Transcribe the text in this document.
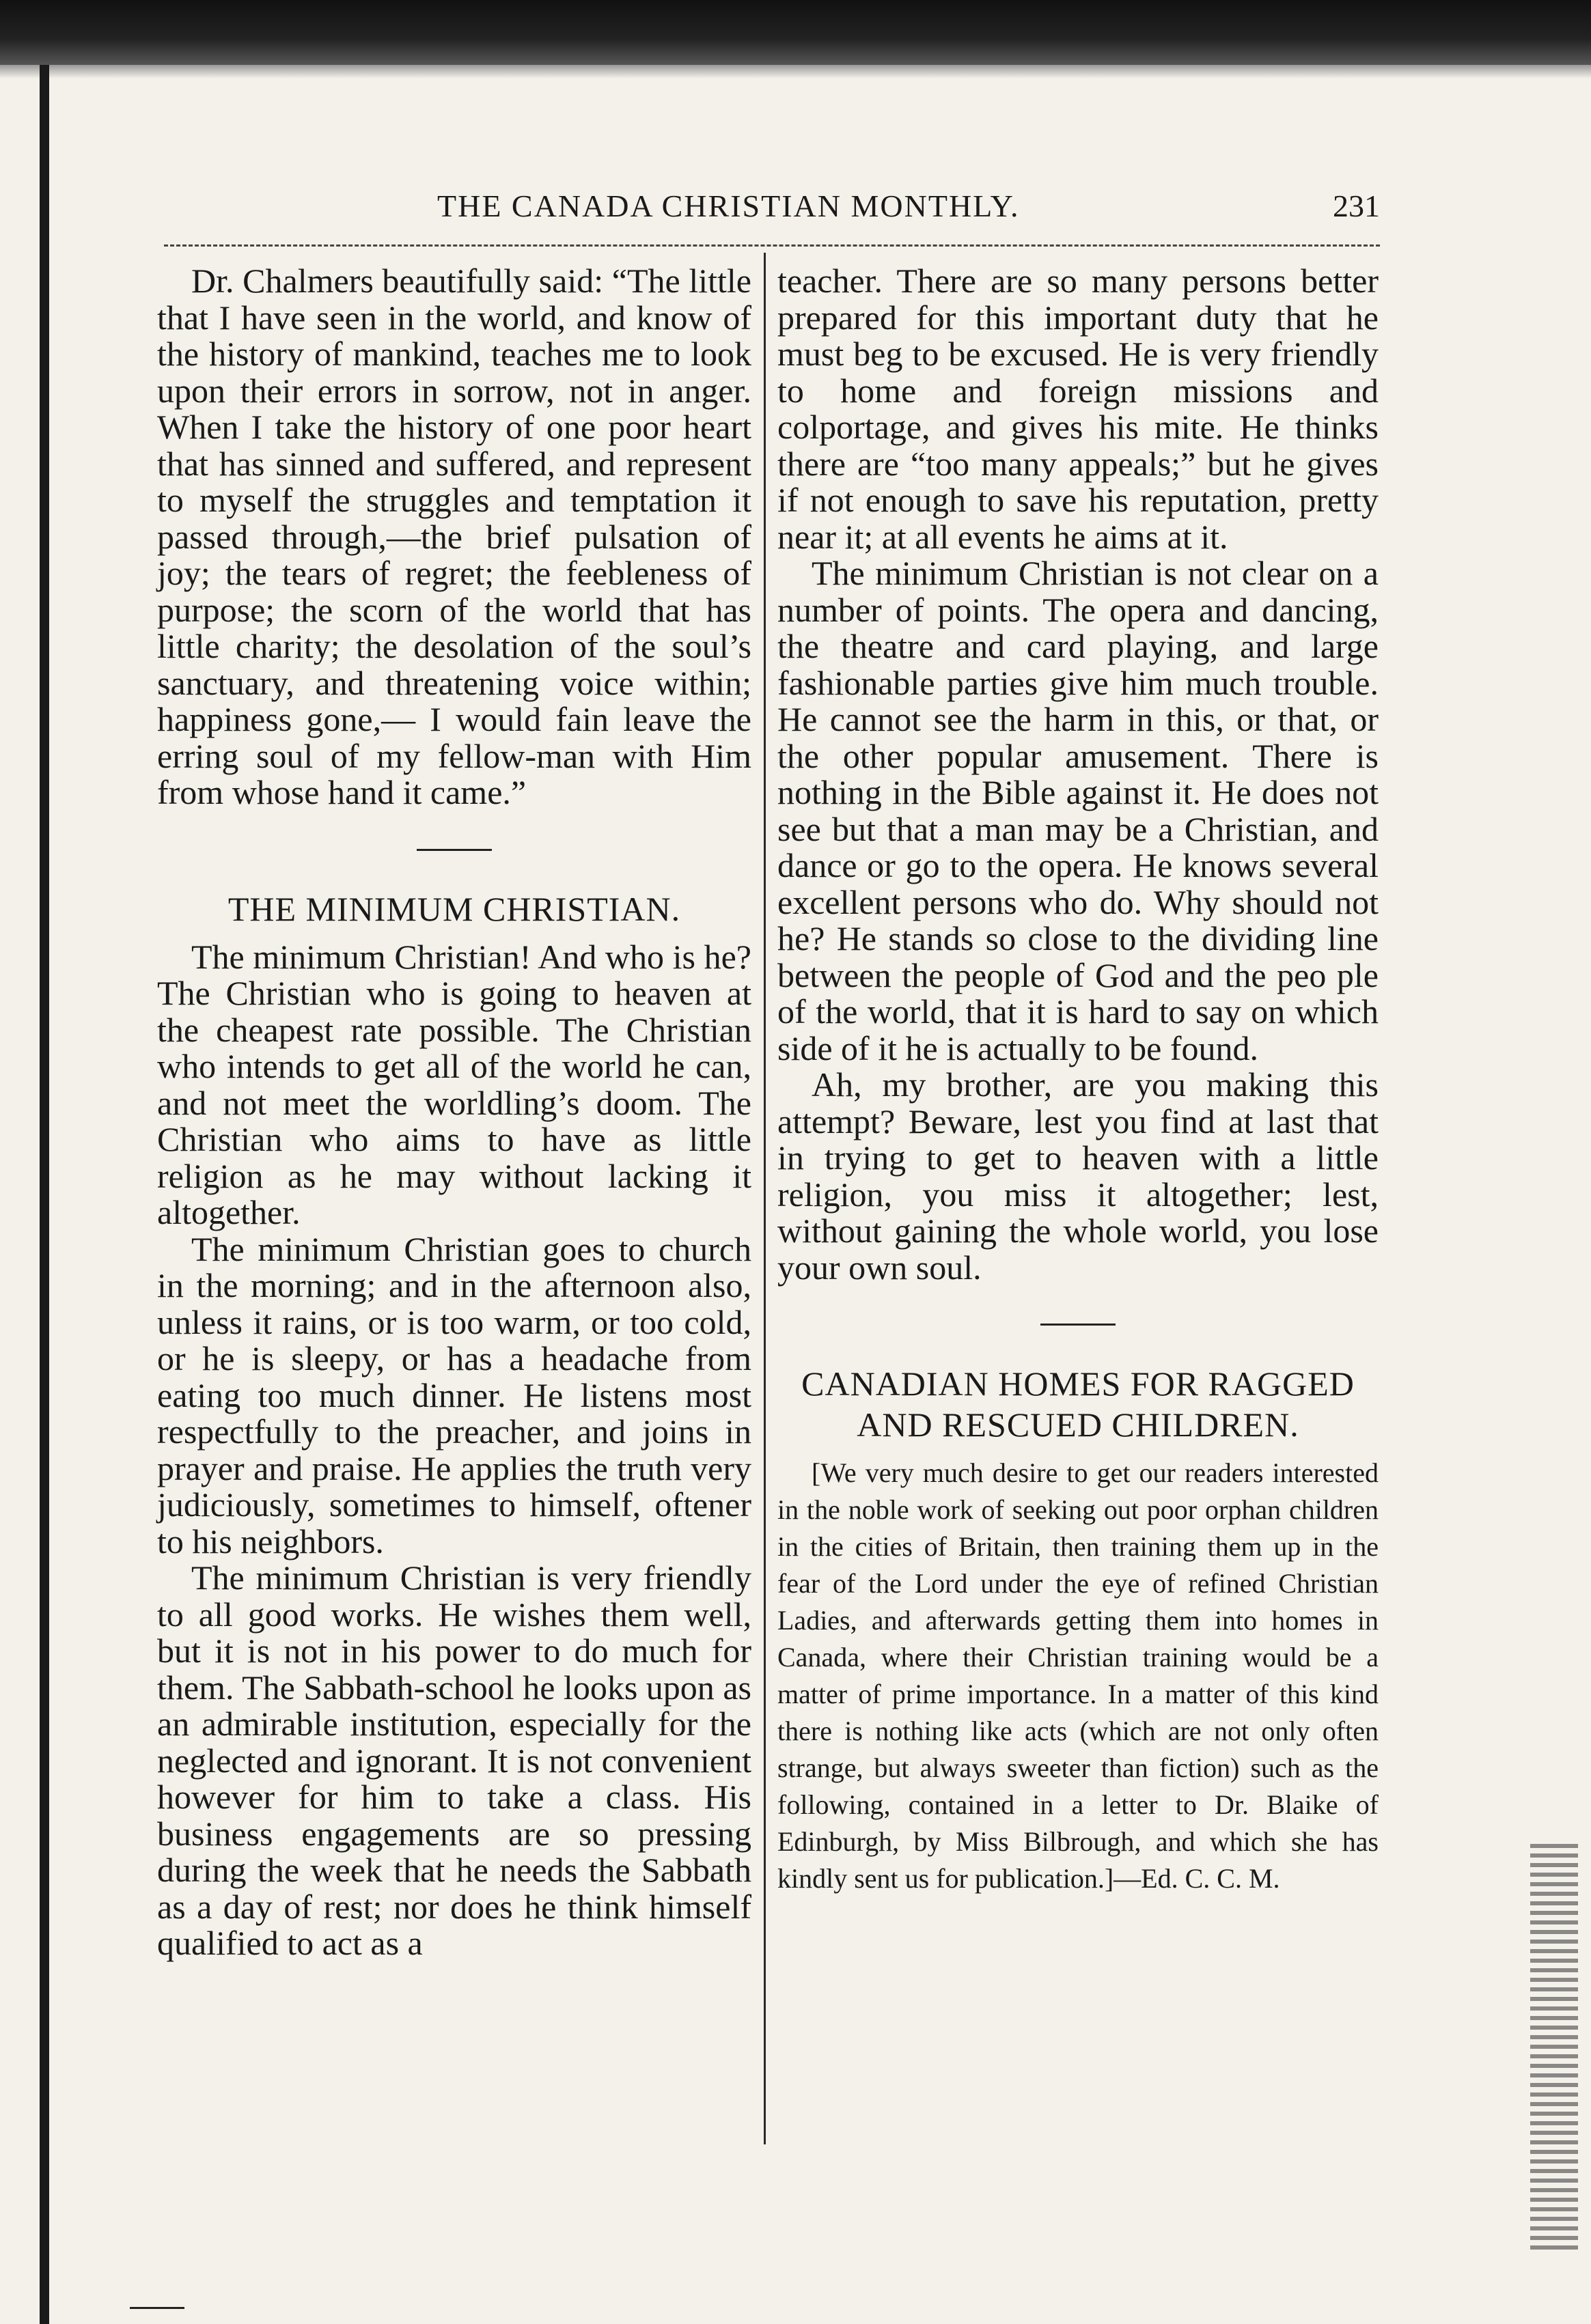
THE CANADA CHRISTIAN MONTHLY.	231

Dr. Chalmers beautifully said: “The little that I have seen in the world, and know of the history of mankind, teaches me to look upon their errors in sorrow, not in anger. When I take the history of one poor heart that has sinned and suffered, and represent to myself the struggles and temptation it passed through,—the brief pulsation of joy; the tears of regret; the feebleness of purpose; the scorn of the world that has little charity; the desolation of the soul’s sanctuary, and threatening voice within; happiness gone,— I would fain leave the erring soul of my fellow-man with Him from whose hand it came.”

THE MINIMUM CHRISTIAN.

The minimum Christian! And who is he? The Christian who is going to heaven at the cheapest rate possible. The Christian who intends to get all of the world he can, and not meet the worldling’s doom. The Christian who aims to have as little religion as he may without lacking it altogether.

The minimum Christian goes to church in the morning; and in the afternoon also, unless it rains, or is too warm, or too cold, or he is sleepy, or has a headache from eating too much dinner. He listens most respectfully to the preacher, and joins in prayer and praise. He applies the truth very judiciously, sometimes to himself, oftener to his neighbors.

The minimum Christian is very friendly to all good works. He wishes them well, but it is not in his power to do much for them. The Sabbath-school he looks upon as an admirable institution, especially for the neglected and ignorant. It is not convenient however for him to take a class. His business engagements are so pressing during the week that he needs the Sabbath as a day of rest; nor does he think himself qualified to act as a

teacher. There are so many persons better prepared for this important duty that he must beg to be excused. He is very friendly to home and foreign missions and colportage, and gives his mite. He thinks there are “too many appeals;” but he gives if not enough to save his reputation, pretty near it; at all events he aims at it.

The minimum Christian is not clear on a number of points. The opera and dancing, the theatre and card playing, and large fashionable parties give him much trouble. He cannot see the harm in this, or that, or the other popular amusement. There is nothing in the Bible against it. He does not see but that a man may be a Christian, and dance or go to the opera. He knows several excellent persons who do. Why should not he? He stands so close to the dividing line between the people of God and the peo ple of the world, that it is hard to say on which side of it he is actually to be found.

Ah, my brother, are you making this attempt? Beware, lest you find at last that in trying to get to heaven with a little religion, you miss it altogether; lest, without gaining the whole world, you lose your own soul.

CANADIAN HOMES FOR RAGGED AND RESCUED CHILDREN.

[We very much desire to get our readers interested in the noble work of seeking out poor orphan children in the cities of Britain, then training them up in the fear of the Lord under the eye of refined Christian Ladies, and afterwards getting them into homes in Canada, where their Christian training would be a matter of prime importance. In a matter of this kind there is nothing like acts (which are not only often strange, but always sweeter than fiction) such as the following, contained in a letter to Dr. Blaike of Edinburgh, by Miss Bilbrough, and which she has kindly sent us for publication.]—Ed. C. C. M.
